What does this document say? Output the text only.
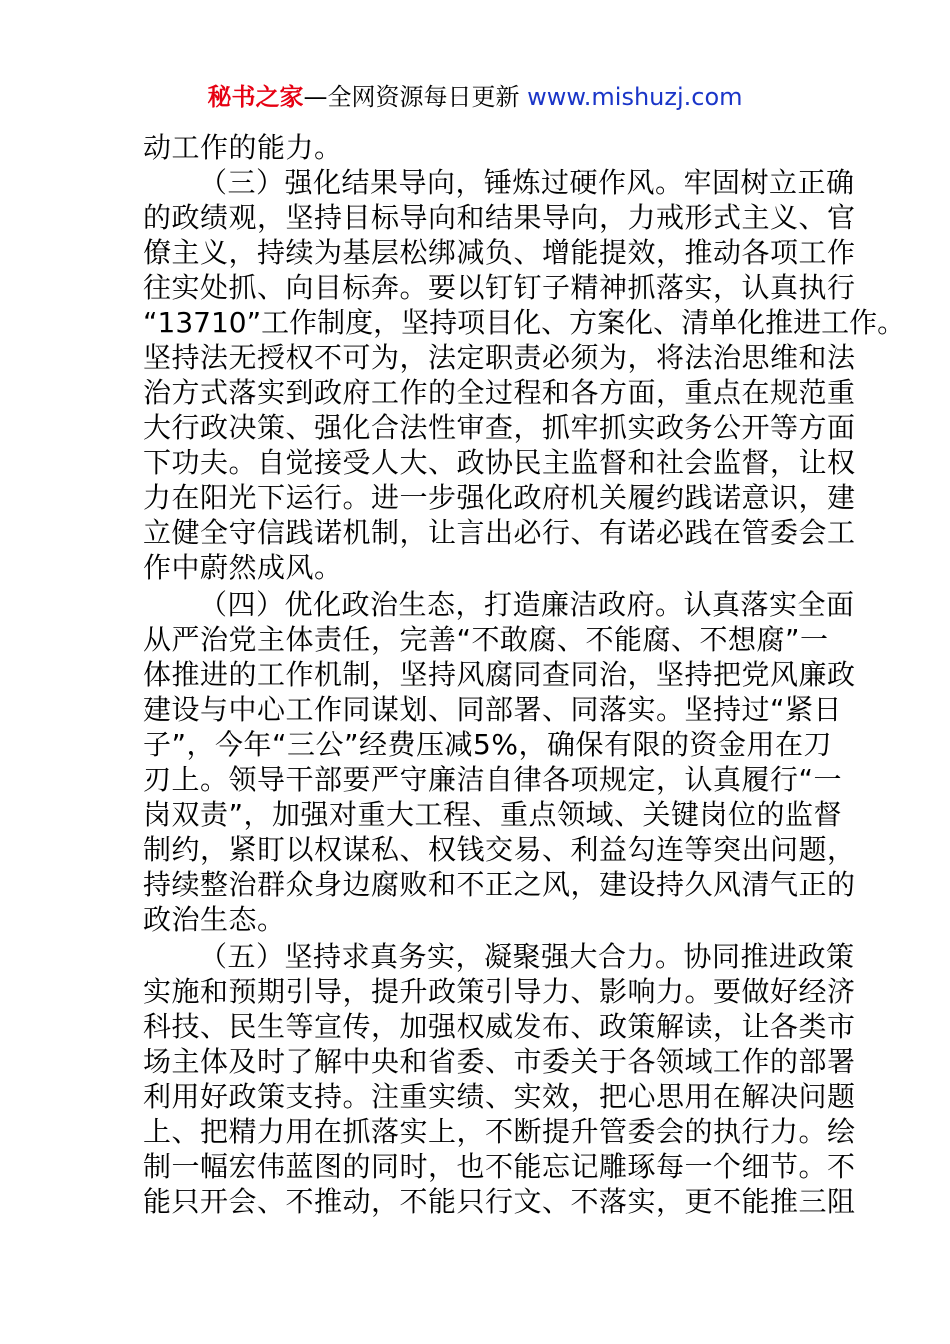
秘书之家—全网资源每日更新 www.mishuzj.com
动工作的能力。
（三）强化结果导向，锤炼过硬作风。牢固树立正确
的政绩观，坚持目标导向和结果导向，力戒形式主义、官
僚主义，持续为基层松绑减负、增能提效，推动各项工作
往实处抓、向目标奔。要以钉钉子精神抓落实，认真执行
“13710”工作制度，坚持项目化、方案化、清单化推进工作。
坚持法无授权不可为，法定职责必须为，将法治思维和法
治方式落实到政府工作的全过程和各方面，重点在规范重
大行政决策、强化合法性审查，抓牢抓实政务公开等方面
下功夫。自觉接受人大、政协民主监督和社会监督，让权
力在阳光下运行。进一步强化政府机关履约践诺意识，建
立健全守信践诺机制，让言出必行、有诺必践在管委会工
作中蔚然成风。
（四）优化政治生态，打造廉洁政府。认真落实全面
从严治党主体责任，完善“不敢腐、不能腐、不想腐”一
体推进的工作机制，坚持风腐同查同治，坚持把党风廉政
建设与中心工作同谋划、同部署、同落实。坚持过“紧日
子”，今年“三公”经费压减5%，确保有限的资金用在刀
刃上。领导干部要严守廉洁自律各项规定，认真履行“一
岗双责”，加强对重大工程、重点领域、关键岗位的监督
制约，紧盯以权谋私、权钱交易、利益勾连等突出问题，
持续整治群众身边腐败和不正之风，建设持久风清气正的
政治生态。
（五）坚持求真务实，凝聚强大合力。协同推进政策
实施和预期引导，提升政策引导力、影响力。要做好经济
科技、民生等宣传，加强权威发布、政策解读，让各类市
场主体及时了解中央和省委、市委关于各领域工作的部署
利用好政策支持。注重实绩、实效，把心思用在解决问题
上、把精力用在抓落实上，不断提升管委会的执行力。绘
制一幅宏伟蓝图的同时，也不能忘记雕琢每一个细节。不
能只开会、不推动，不能只行文、不落实，更不能推三阻
